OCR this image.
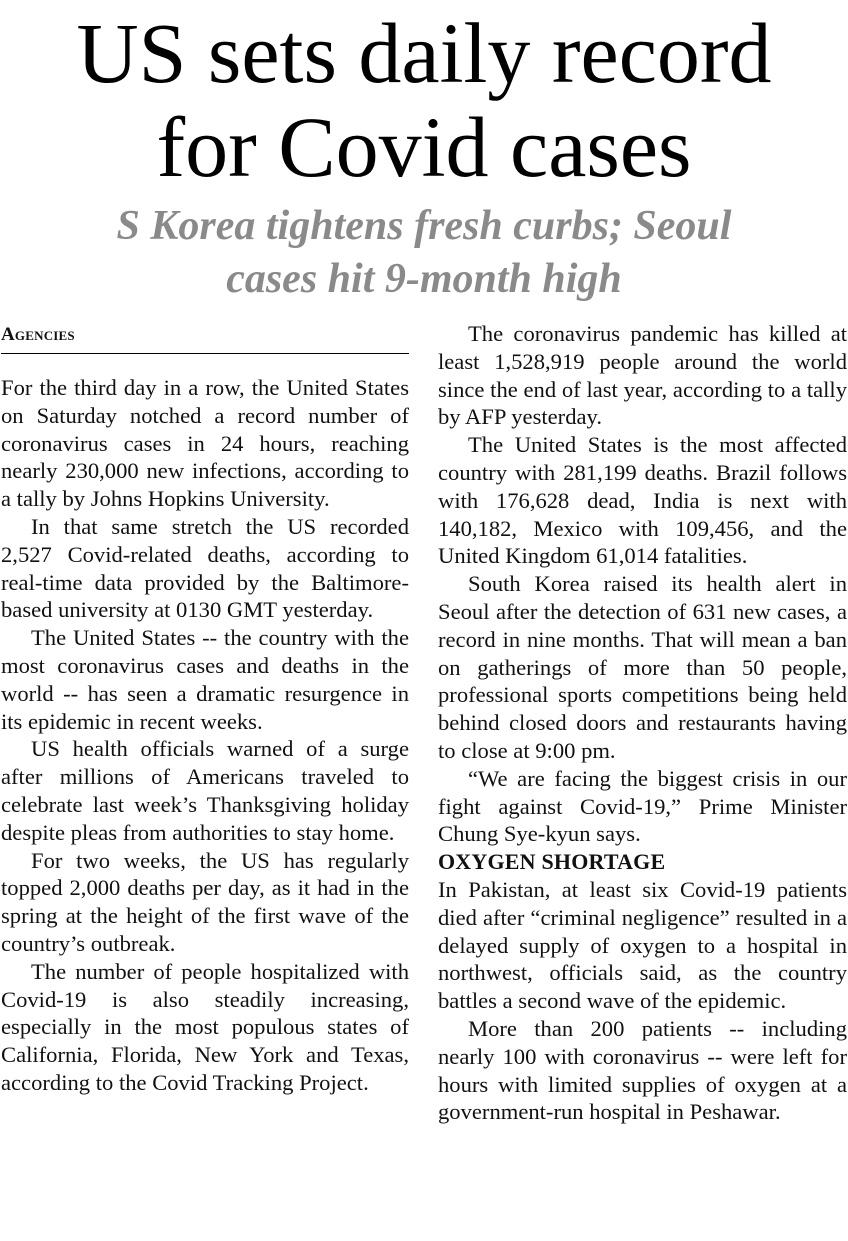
US sets daily record
for Covid cases
S Korea tightens fresh curbs; Seoul
cases hit 9-month high
Agencies

For the third day in a row, the United States on Saturday notched a record number of coronavirus cases in 24 hours, reaching nearly 230,000 new infections, according to a tally by Johns Hopkins University.

In that same stretch the US recorded 2,527 Covid-related deaths, according to real-time data provided by the Baltimore-based university at 0130 GMT yesterday.

The United States -- the country with the most coronavirus cases and deaths in the world -- has seen a dramatic resurgence in its epidemic in recent weeks.

US health officials warned of a surge after millions of Americans traveled to celebrate last week’s Thanksgiving holiday despite pleas from authorities to stay home.

For two weeks, the US has regularly topped 2,000 deaths per day, as it had in the spring at the height of the first wave of the country’s outbreak.

The number of people hospitalized with Covid-19 is also steadily increasing, especially in the most populous states of California, Florida, New York and Texas, according to the Covid Tracking Project.

The coronavirus pandemic has killed at least 1,528,919 people around the world since the end of last year, according to a tally by AFP yesterday.

The United States is the most affected country with 281,199 deaths. Brazil follows with 176,628 dead, India is next with 140,182, Mexico with 109,456, and the United Kingdom 61,014 fatalities.

South Korea raised its health alert in Seoul after the detection of 631 new cases, a record in nine months. That will mean a ban on gatherings of more than 50 people, professional sports competitions being held behind closed doors and restaurants having to close at 9:00 pm.

“We are facing the biggest crisis in our fight against Covid-19,” Prime Minister Chung Sye-kyun says.

OXYGEN SHORTAGE

In Pakistan, at least six Covid-19 patients died after “criminal negligence” resulted in a delayed supply of oxygen to a hospital in northwest, officials said, as the country battles a second wave of the epidemic.

More than 200 patients -- including nearly 100 with coronavirus -- were left for hours with limited supplies of oxygen at a government-run hospital in Peshawar.
